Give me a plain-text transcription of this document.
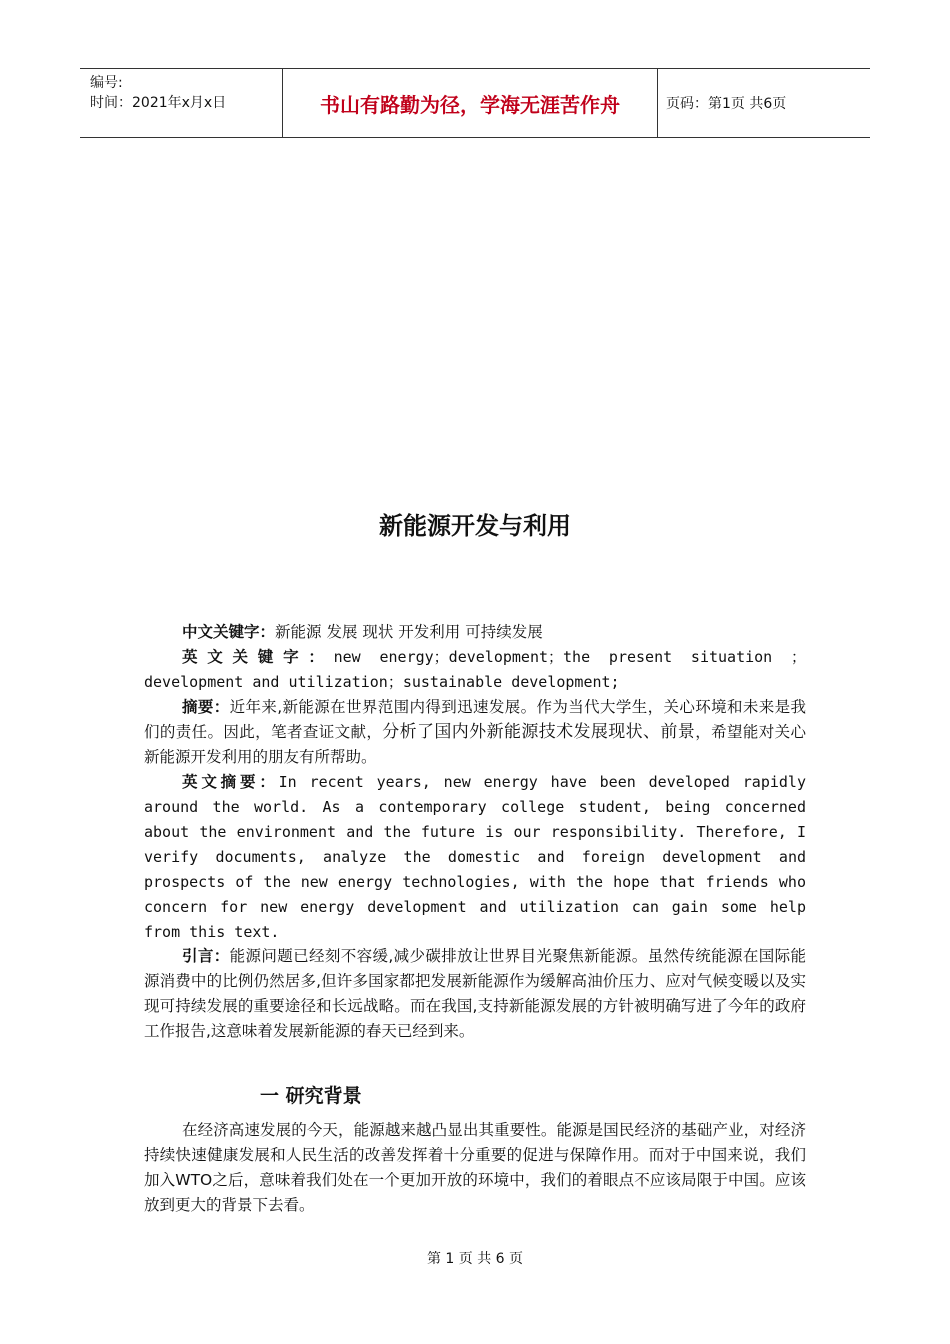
编号:
时间：2021年x月x日	书山有路勤为径，学海无涯苦作舟	页码：第1页 共6页
新能源开发与利用
中文关键字：新能源 发展 现状 开发利用 可持续发展
英文关键字：new energy；development；the present situation ；development and utilization；sustainable development;
摘要：近年来,新能源在世界范围内得到迅速发展。作为当代大学生，关心环境和未来是我们的责任。因此，笔者查证文献，分析了国内外新能源技术发展现状、前景，希望能对关心新能源开发利用的朋友有所帮助。
英文摘要：In recent years, new energy have been developed rapidly around the world. As a contemporary college student, being concerned about the environment and the future is our responsibility. Therefore, I verify documents, analyze the domestic and foreign development and prospects of the new energy technologies, with the hope that friends who concern for new energy development and utilization can gain some help from this text.
引言：能源问题已经刻不容缓,减少碳排放让世界目光聚焦新能源。虽然传统能源在国际能源消费中的比例仍然居多,但许多国家都把发展新能源作为缓解高油价压力、应对气候变暖以及实现可持续发展的重要途径和长远战略。而在我国,支持新能源发展的方针被明确写进了今年的政府工作报告,这意味着发展新能源的春天已经到来。
一 研究背景
在经济高速发展的今天，能源越来越凸显出其重要性。能源是国民经济的基础产业，对经济持续快速健康发展和人民生活的改善发挥着十分重要的促进与保障作用。而对于中国来说，我们加入WTO之后，意味着我们处在一个更加开放的环境中，我们的着眼点不应该局限于中国。应该放到更大的背景下去看。
第 1 页 共 6 页
